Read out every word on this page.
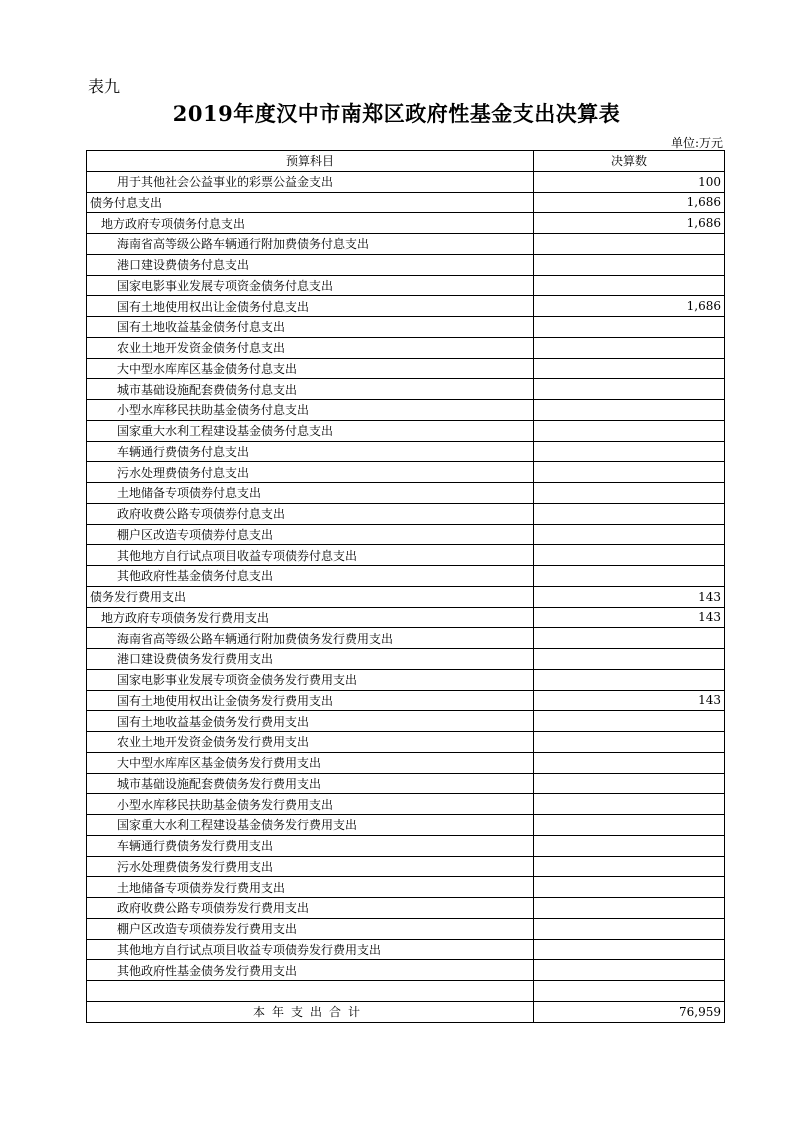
表九
2019年度汉中市南郑区政府性基金支出决算表
单位:万元
预算科目	决算数
用于其他社会公益事业的彩票公益金支出	100
债务付息支出	1,686
地方政府专项债务付息支出	1,686
海南省高等级公路车辆通行附加费债务付息支出	
港口建设费债务付息支出	
国家电影事业发展专项资金债务付息支出	
国有土地使用权出让金债务付息支出	1,686
国有土地收益基金债务付息支出	
农业土地开发资金债务付息支出	
大中型水库库区基金债务付息支出	
城市基础设施配套费债务付息支出	
小型水库移民扶助基金债务付息支出	
国家重大水利工程建设基金债务付息支出	
车辆通行费债务付息支出	
污水处理费债务付息支出	
土地储备专项债券付息支出	
政府收费公路专项债券付息支出	
棚户区改造专项债券付息支出	
其他地方自行试点项目收益专项债券付息支出	
其他政府性基金债务付息支出	
债务发行费用支出	143
地方政府专项债务发行费用支出	143
海南省高等级公路车辆通行附加费债务发行费用支出	
港口建设费债务发行费用支出	
国家电影事业发展专项资金债务发行费用支出	
国有土地使用权出让金债务发行费用支出	143
国有土地收益基金债务发行费用支出	
农业土地开发资金债务发行费用支出	
大中型水库库区基金债务发行费用支出	
城市基础设施配套费债务发行费用支出	
小型水库移民扶助基金债务发行费用支出	
国家重大水利工程建设基金债务发行费用支出	
车辆通行费债务发行费用支出	
污水处理费债务发行费用支出	
土地储备专项债券发行费用支出	
政府收费公路专项债券发行费用支出	
棚户区改造专项债券发行费用支出	
其他地方自行试点项目收益专项债券发行费用支出	
其他政府性基金债务发行费用支出	

本年支出合计	76,959
